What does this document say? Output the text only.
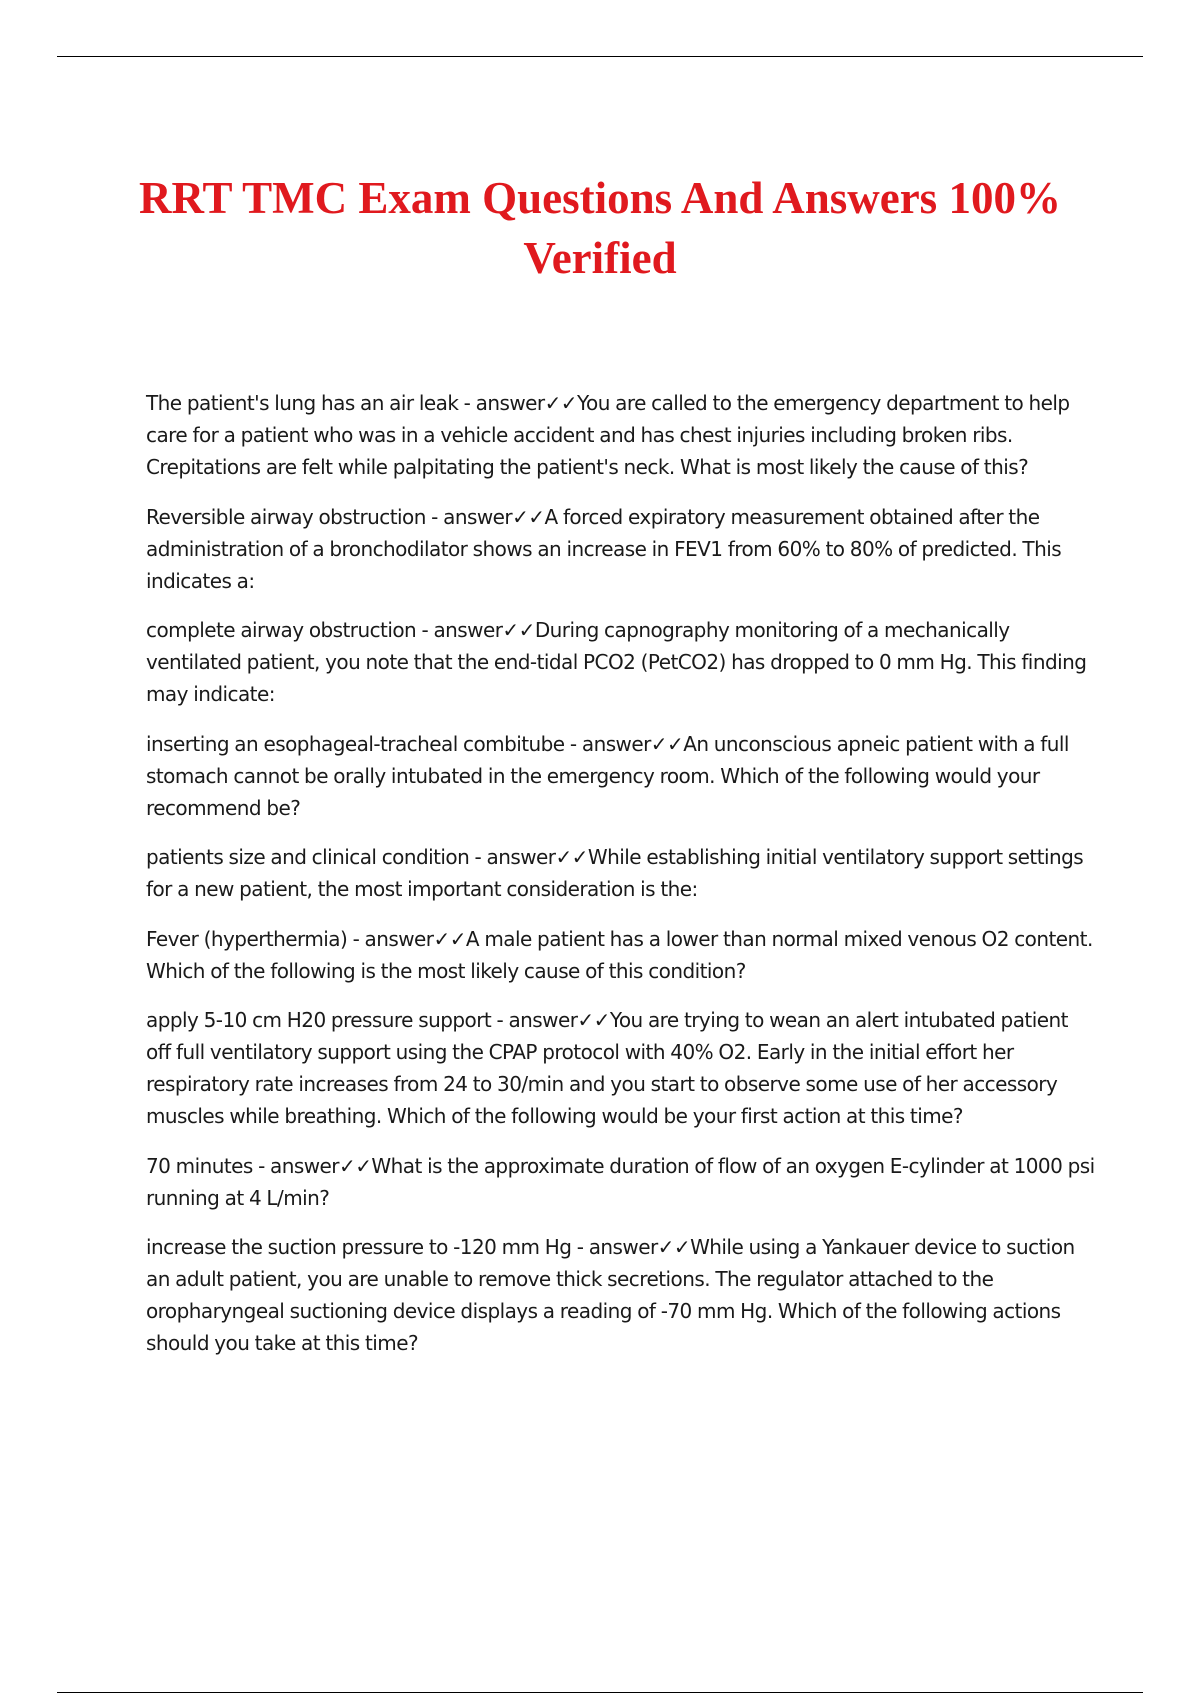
RRT TMC Exam Questions And Answers 100% Verified

The patient's lung has an air leak - answer✓✓You are called to the emergency department to help care for a patient who was in a vehicle accident and has chest injuries including broken ribs. Crepitations are felt while palpitating the patient's neck. What is most likely the cause of this?

Reversible airway obstruction - answer✓✓A forced expiratory measurement obtained after the administration of a bronchodilator shows an increase in FEV1 from 60% to 80% of predicted. This indicates a:

complete airway obstruction - answer✓✓During capnography monitoring of a mechanically ventilated patient, you note that the end-tidal PCO2 (PetCO2) has dropped to 0 mm Hg. This finding may indicate:

inserting an esophageal-tracheal combitube - answer✓✓An unconscious apneic patient with a full stomach cannot be orally intubated in the emergency room. Which of the following would your recommend be?

patients size and clinical condition - answer✓✓While establishing initial ventilatory support settings for a new patient, the most important consideration is the:

Fever (hyperthermia) - answer✓✓A male patient has a lower than normal mixed venous O2 content. Which of the following is the most likely cause of this condition?

apply 5-10 cm H20 pressure support - answer✓✓You are trying to wean an alert intubated patient off full ventilatory support using the CPAP protocol with 40% O2. Early in the initial effort her respiratory rate increases from 24 to 30/min and you start to observe some use of her accessory muscles while breathing. Which of the following would be your first action at this time?

70 minutes - answer✓✓What is the approximate duration of flow of an oxygen E-cylinder at 1000 psi running at 4 L/min?

increase the suction pressure to -120 mm Hg - answer✓✓While using a Yankauer device to suction an adult patient, you are unable to remove thick secretions. The regulator attached to the oropharyngeal suctioning device displays a reading of -70 mm Hg. Which of the following actions should you take at this time?
